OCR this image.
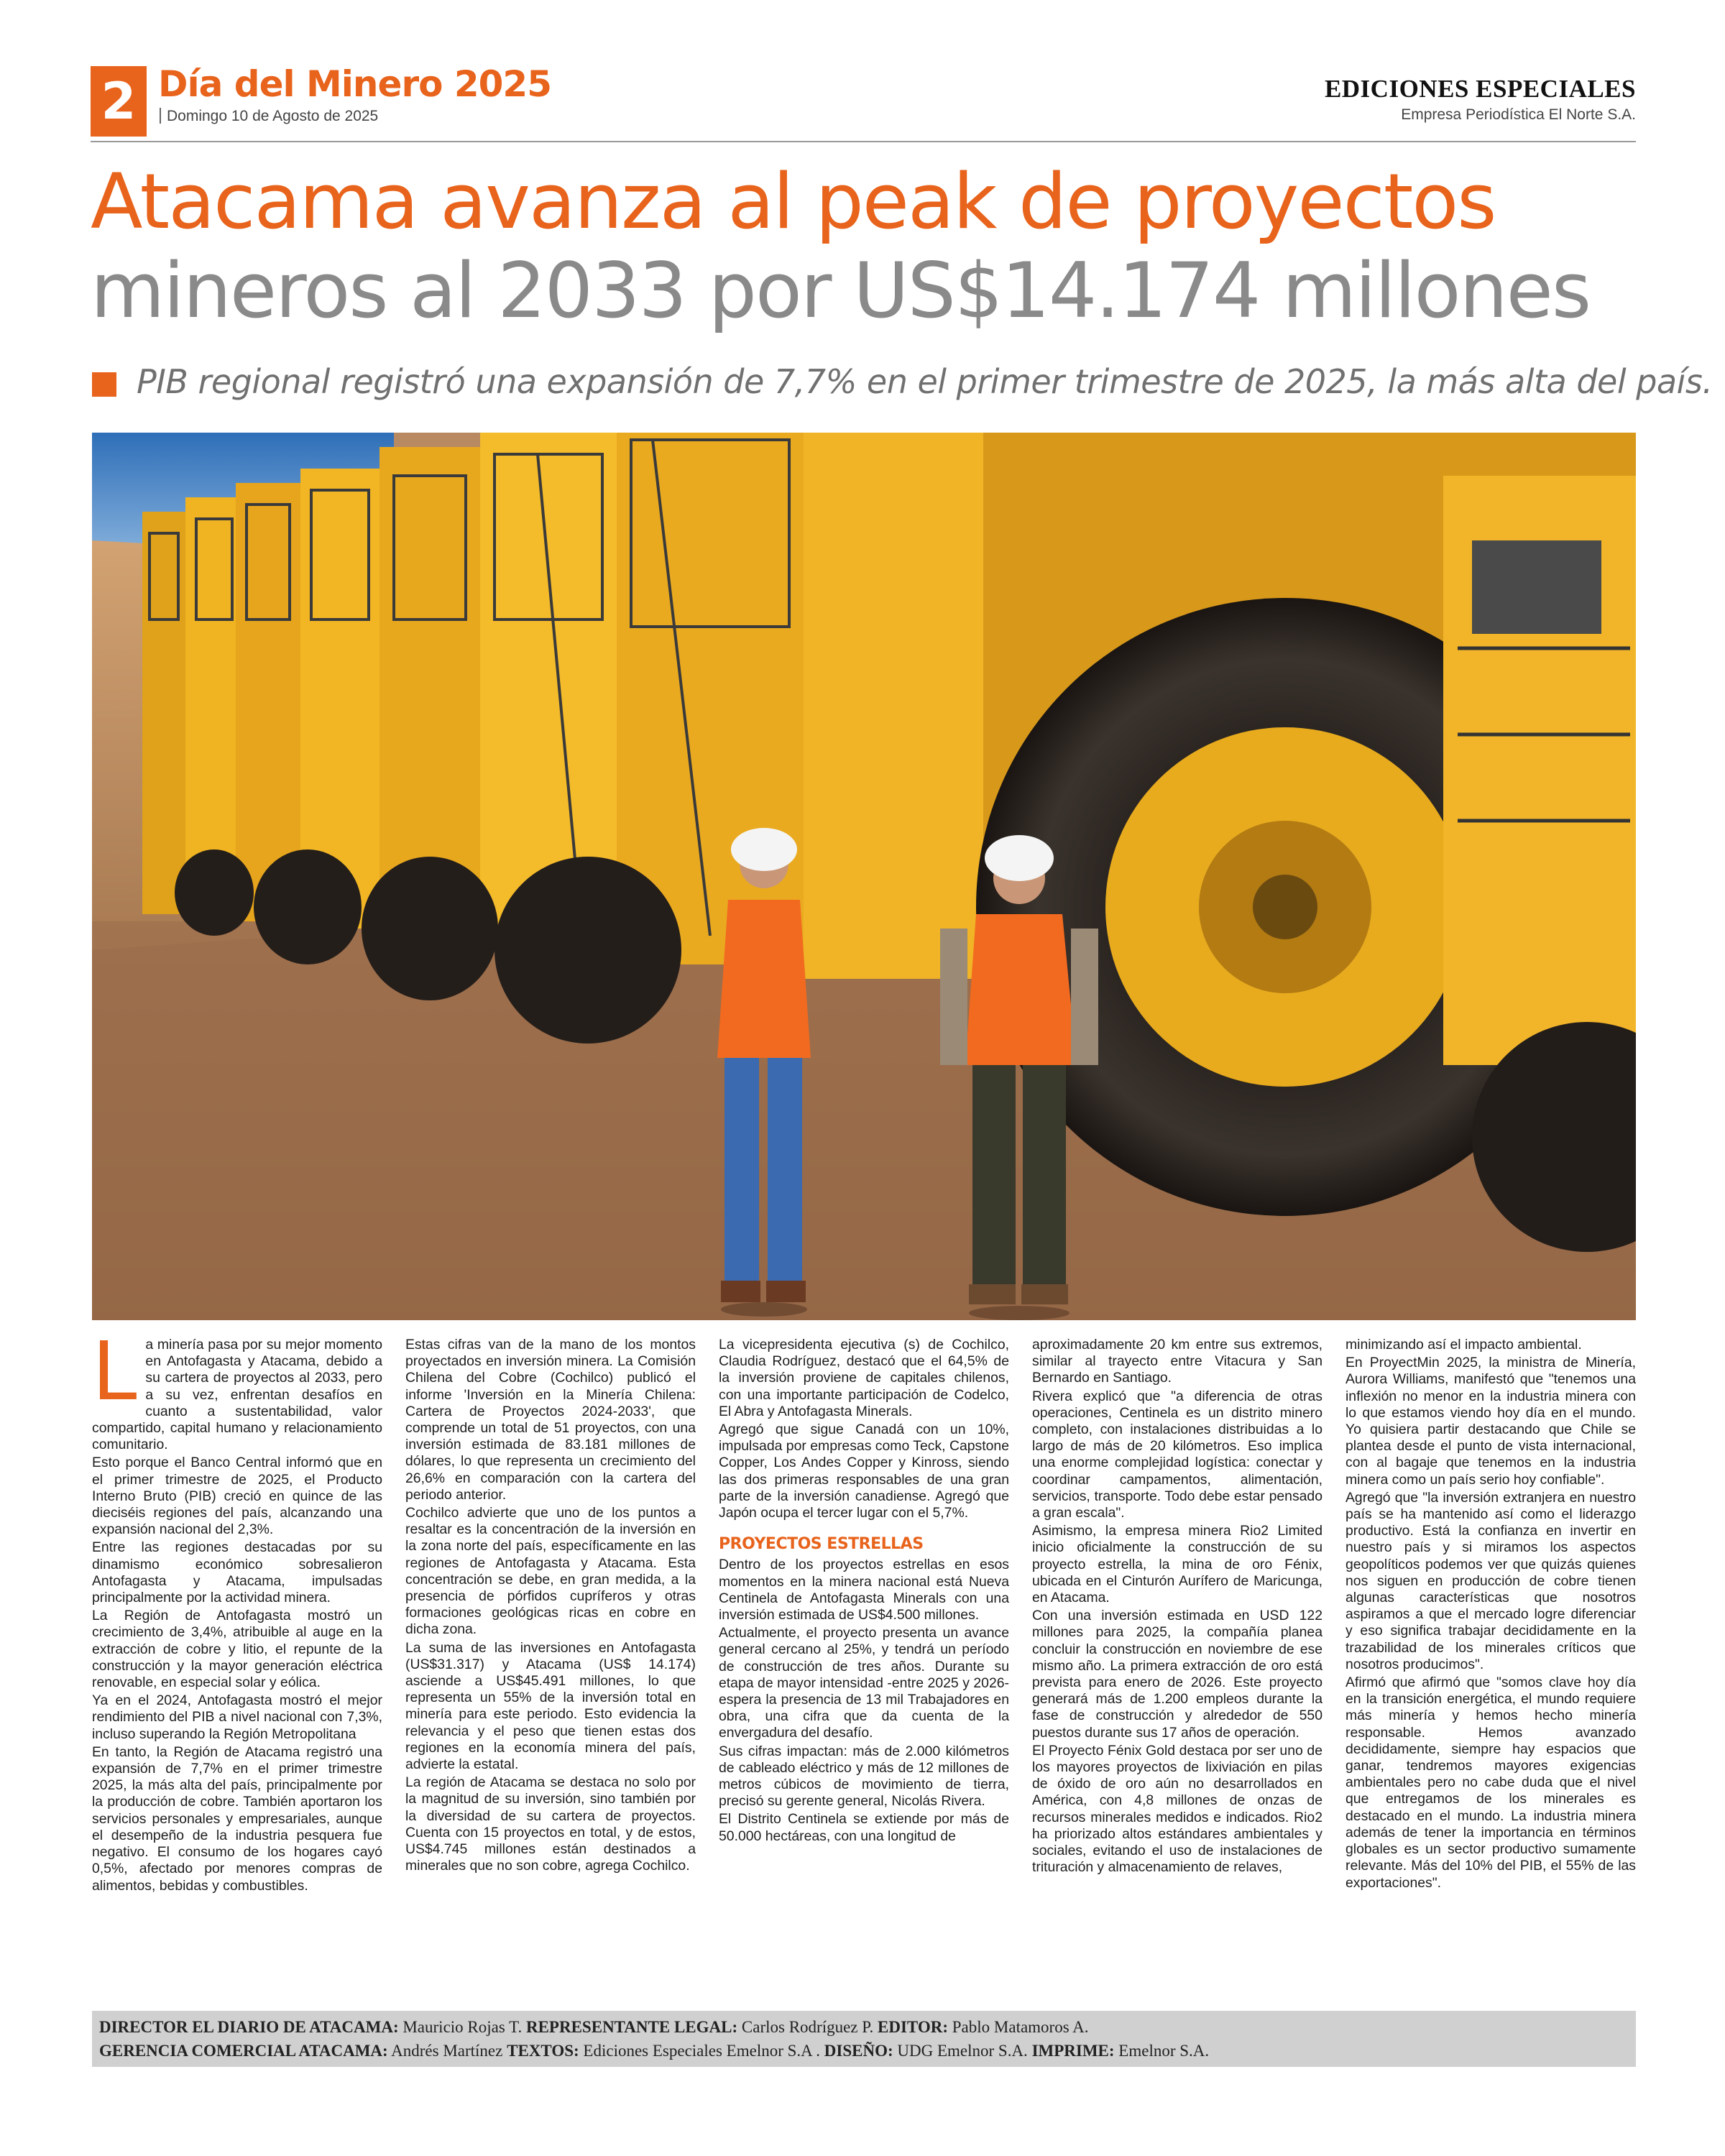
2 Día del Minero 2025
Domingo 10 de Agosto de 2025
EDICIONES ESPECIALES
Empresa Periodística El Norte S.A.
Atacama avanza al peak de proyectos
mineros al 2033 por US$14.174 millones
PIB regional registró una expansión de 7,7% en el primer trimestre de 2025, la más alta del país.

La minería pasa por su mejor momento en Antofagasta y Atacama, debido a su cartera de proyectos al 2033, pero a su vez, enfrentan desafíos en cuanto a sustentabilidad, valor compartido, capital humano y relacionamiento comunitario.

Esto porque el Banco Central informó que en el primer trimestre de 2025, el Producto Interno Bruto (PIB) creció en quince de las dieciséis regiones del país, alcanzando una expansión nacional del 2,3%.

Entre las regiones destacadas por su dinamismo económico sobresalieron Antofagasta y Atacama, impulsadas principalmente por la actividad minera.

La Región de Antofagasta mostró un crecimiento de 3,4%, atribuible al auge en la extracción de cobre y litio, el repunte de la construcción y la mayor generación eléctrica renovable, en especial solar y eólica.

Ya en el 2024, Antofagasta mostró el mejor rendimiento del PIB a nivel nacional con 7,3%, incluso superando la Región Metropolitana

En tanto, la Región de Atacama registró una expansión de 7,7% en el primer trimestre 2025, la más alta del país, principalmente por la producción de cobre. También aportaron los servicios personales y empresariales, aunque el desempeño de la industria pesquera fue negativo. El consumo de los hogares cayó 0,5%, afectado por menores compras de alimentos, bebidas y combustibles.

Estas cifras van de la mano de los montos proyectados en inversión minera. La Comisión Chilena del Cobre (Cochilco) publicó el informe 'Inversión en la Minería Chilena: Cartera de Proyectos 2024-2033', que comprende un total de 51 proyectos, con una inversión estimada de 83.181 millones de dólares, lo que representa un crecimiento del 26,6% en comparación con la cartera del periodo anterior.

Cochilco advierte que uno de los puntos a resaltar es la concentración de la inversión en la zona norte del país, específicamente en las regiones de Antofagasta y Atacama. Esta concentración se debe, en gran medida, a la presencia de pórfidos cupríferos y otras formaciones geológicas ricas en cobre en dicha zona.

La suma de las inversiones en Antofagasta (US$31.317) y Atacama (US$ 14.174) asciende a US$45.491 millones, lo que representa un 55% de la inversión total en minería para este periodo. Esto evidencia la relevancia y el peso que tienen estas dos regiones en la economía minera del país, advierte la estatal.

La región de Atacama se destaca no solo por la magnitud de su inversión, sino también por la diversidad de su cartera de proyectos. Cuenta con 15 proyectos en total, y de estos, US$4.745 millones están destinados a minerales que no son cobre, agrega Cochilco.

La vicepresidenta ejecutiva (s) de Cochilco, Claudia Rodríguez, destacó que el 64,5% de la inversión proviene de capitales chilenos, con una importante participación de Codelco, El Abra y Antofagasta Minerals.

Agregó que sigue Canadá con un 10%, impulsada por empresas como Teck, Capstone Copper, Los Andes Copper y Kinross, siendo las dos primeras responsables de una gran parte de la inversión canadiense. Agregó que Japón ocupa el tercer lugar con el 5,7%.

PROYECTOS ESTRELLAS

Dentro de los proyectos estrellas en esos momentos en la minera nacional está Nueva Centinela de Antofagasta Minerals con una inversión estimada de US$4.500 millones.

Actualmente, el proyecto presenta un avance general cercano al 25%, y tendrá un período de construcción de tres años. Durante su etapa de mayor intensidad -entre 2025 y 2026- espera la presencia de 13 mil Trabajadores en obra, una cifra que da cuenta de la envergadura del desafío.

Sus cifras impactan: más de 2.000 kilómetros de cableado eléctrico y más de 12 millones de metros cúbicos de movimiento de tierra, precisó su gerente general, Nicolás Rivera.

El Distrito Centinela se extiende por más de 50.000 hectáreas, con una longitud de

aproximadamente 20 km entre sus extremos, similar al trayecto entre Vitacura y San Bernardo en Santiago.

Rivera explicó que "a diferencia de otras operaciones, Centinela es un distrito minero completo, con instalaciones distribuidas a lo largo de más de 20 kilómetros. Eso implica una enorme complejidad logística: conectar y coordinar campamentos, alimentación, servicios, transporte. Todo debe estar pensado a gran escala".

Asimismo, la empresa minera Rio2 Limited inicio oficialmente la construcción de su proyecto estrella, la mina de oro Fénix, ubicada en el Cinturón Aurífero de Maricunga, en Atacama.

Con una inversión estimada en USD 122 millones para 2025, la compañía planea concluir la construcción en noviembre de ese mismo año. La primera extracción de oro está prevista para enero de 2026. Este proyecto generará más de 1.200 empleos durante la fase de construcción y alrededor de 550 puestos durante sus 17 años de operación.

El Proyecto Fénix Gold destaca por ser uno de los mayores proyectos de lixiviación en pilas de óxido de oro aún no desarrollados en América, con 4,8 millones de onzas de recursos minerales medidos e indicados. Rio2 ha priorizado altos estándares ambientales y sociales, evitando el uso de instalaciones de trituración y almacenamiento de relaves,

minimizando así el impacto ambiental.

En ProyectMin 2025, la ministra de Minería, Aurora Williams, manifestó que "tenemos una inflexión no menor en la industria minera con lo que estamos viendo hoy día en el mundo. Yo quisiera partir destacando que Chile se plantea desde el punto de vista internacional, con al bagaje que tenemos en la industria minera como un país serio hoy confiable".

Agregó que "la inversión extranjera en nuestro país se ha mantenido así como el liderazgo productivo. Está la confianza en invertir en nuestro país y si miramos los aspectos geopolíticos podemos ver que quizás quienes nos siguen en producción de cobre tienen algunas características que nosotros aspiramos a que el mercado logre diferenciar y eso significa trabajar decididamente en la trazabilidad de los minerales críticos que nosotros producimos".

Afirmó que afirmó que "somos clave hoy día en la transición energética, el mundo requiere más minería y hemos hecho minería responsable. Hemos avanzado decididamente, siempre hay espacios que ganar, tendremos mayores exigencias ambientales pero no cabe duda que el nivel que entregamos de los minerales es destacado en el mundo. La industria minera además de tener la importancia en términos globales es un sector productivo sumamente relevante. Más del 10% del PIB, el 55% de las exportaciones".

DIRECTOR EL DIARIO DE ATACAMA: Mauricio Rojas T. REPRESENTANTE LEGAL: Carlos Rodríguez P. EDITOR: Pablo Matamoros A.
GERENCIA COMERCIAL ATACAMA: Andrés Martínez TEXTOS: Ediciones Especiales Emelnor S.A . DISEÑO: UDG Emelnor S.A. IMPRIME: Emelnor S.A.
